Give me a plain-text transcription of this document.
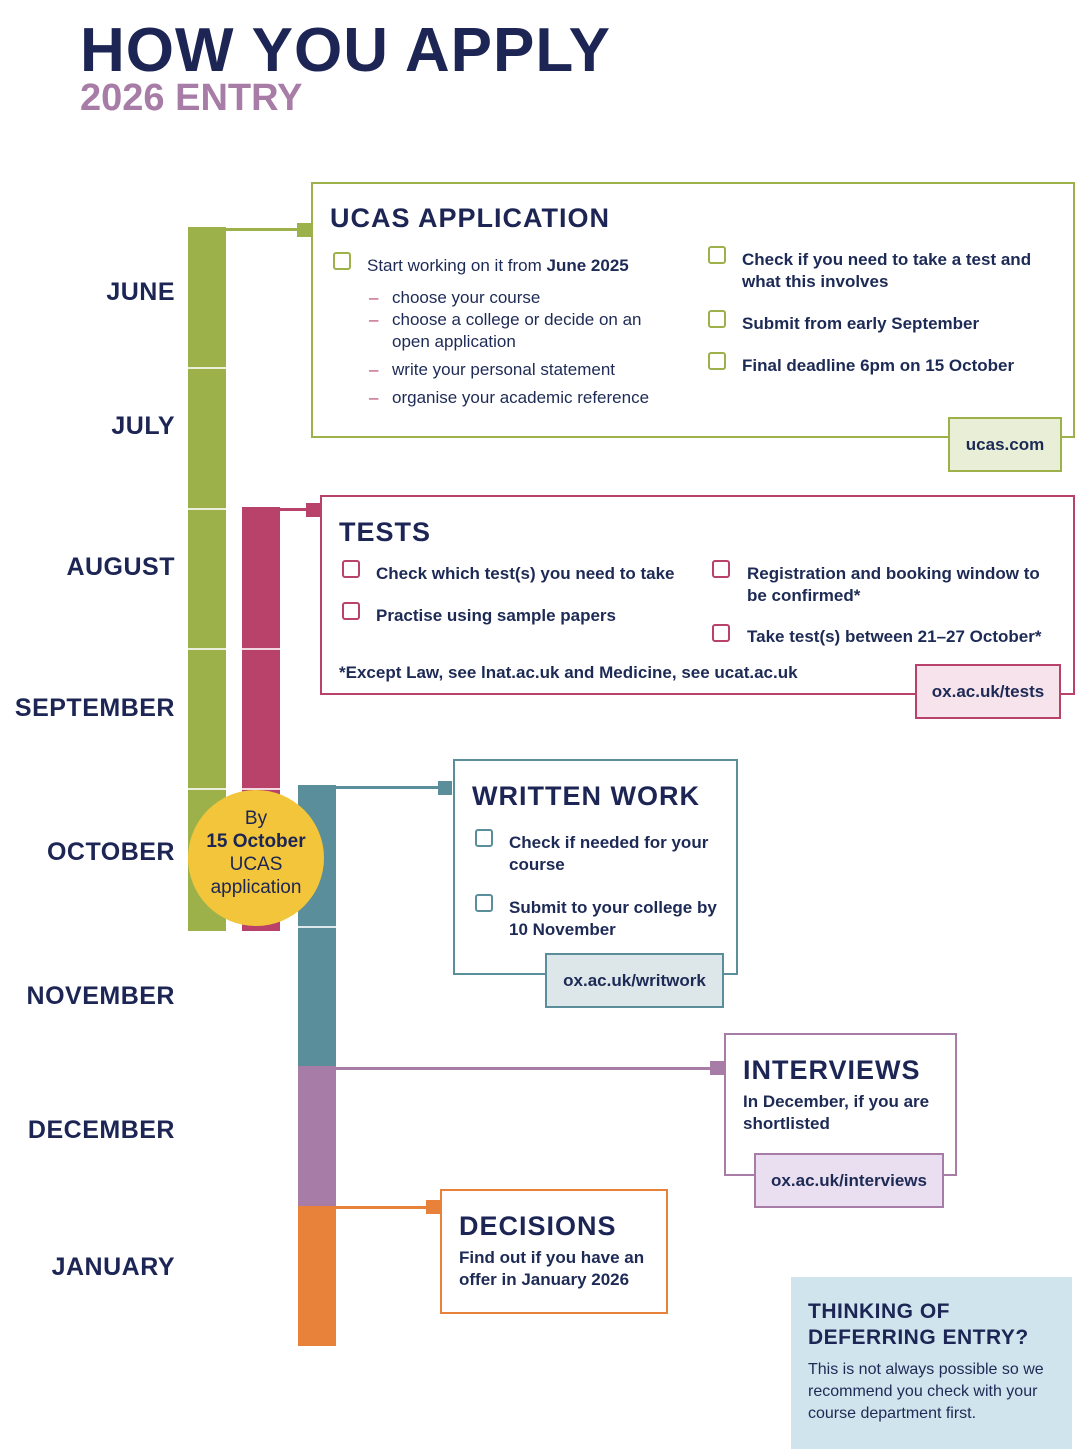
HOW YOU APPLY
2026 ENTRY
JUNE
JULY
AUGUST
SEPTEMBER
OCTOBER
NOVEMBER
DECEMBER
JANUARY
By
15 October
UCAS
application
UCAS APPLICATION
Start working on it from June 2025
– choose your course
– choose a college or decide on an open application
– write your personal statement
– organise your academic reference
Check if you need to take a test and what this involves
Submit from early September
Final deadline 6pm on 15 October
ucas.com
TESTS
Check which test(s) you need to take
Practise using sample papers
Registration and booking window to be confirmed*
Take test(s) between 21–27 October*
*Except Law, see lnat.ac.uk and Medicine, see ucat.ac.uk
ox.ac.uk/tests
WRITTEN WORK
Check if needed for your course
Submit to your college by 10 November
ox.ac.uk/writwork
INTERVIEWS
In December, if you are shortlisted
ox.ac.uk/interviews
DECISIONS
Find out if you have an offer in January 2026
THINKING OF
DEFERRING ENTRY?

This is not always possible so we recommend you check with your course department first.
